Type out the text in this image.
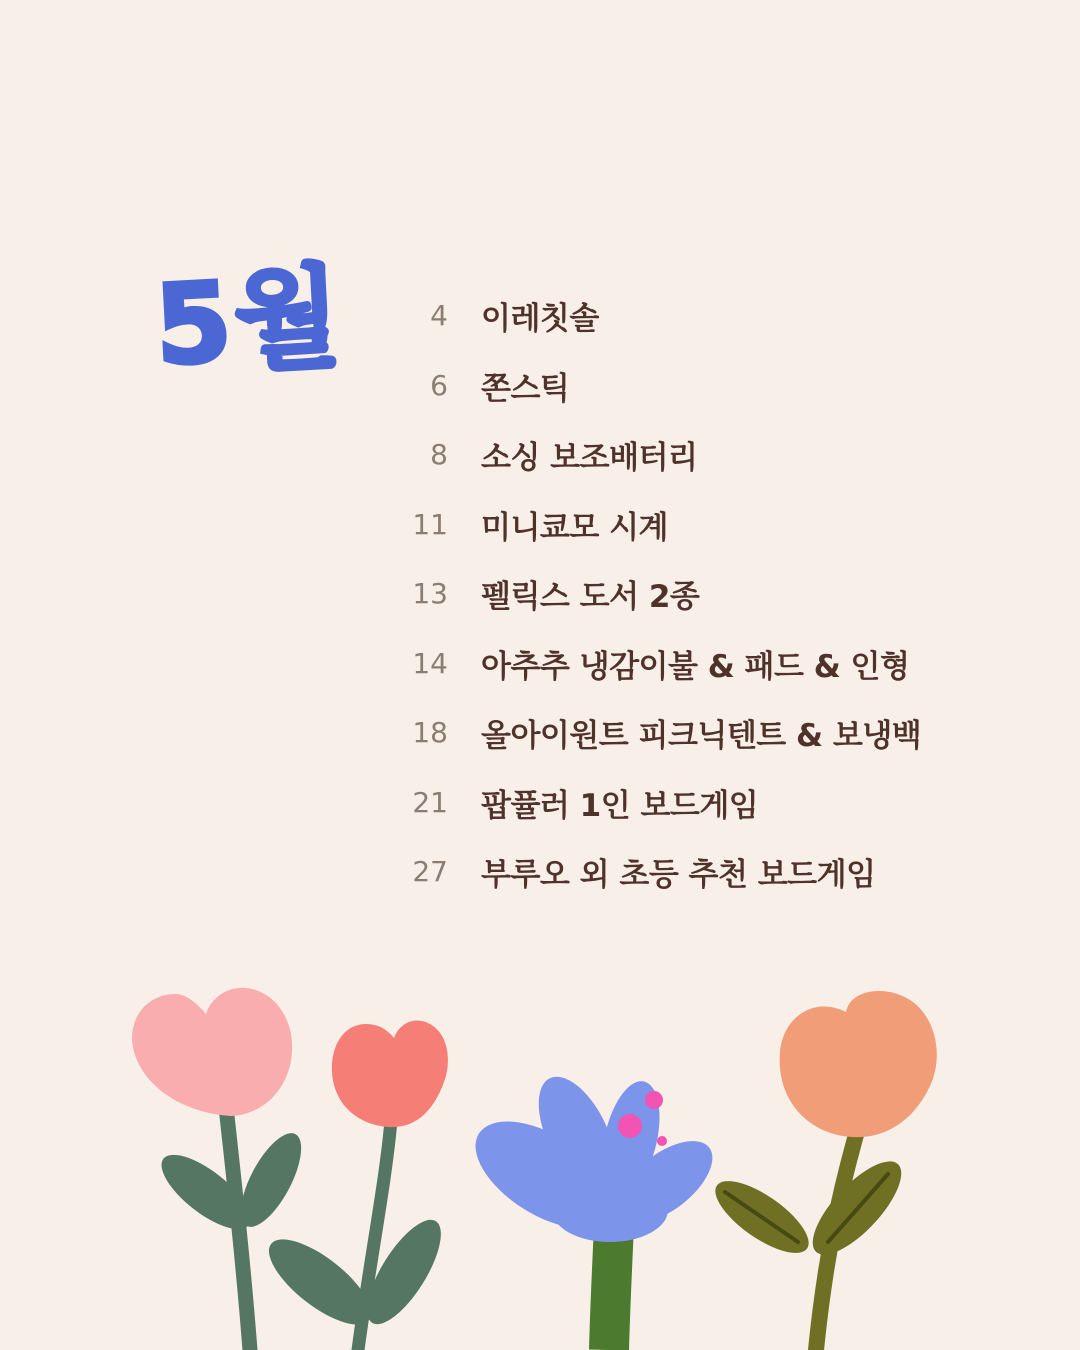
5월	4 이레칫솔
6 쫀스틱
8 소싱 보조배터리
11 미니쿄모 시계
13 펠릭스 도서 2종
14 아추추 냉감이불 & 패드 & 인형
18 올아이원트 피크닉텐트 & 보냉백
21 팝퓰러 1인 보드게임
27 부루오 외 초등 추천 보드게임
